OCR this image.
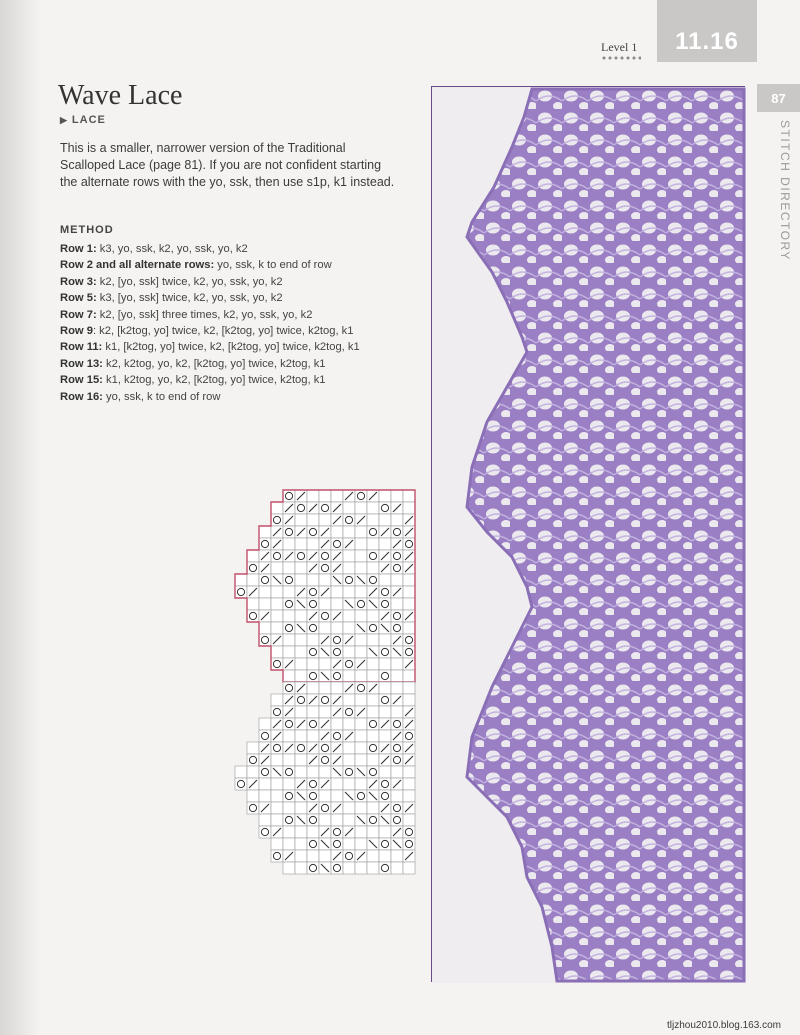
Level 1	11.16
87
STITCH DIRECTORY
Wave Lace
▶ LACE

This is a smaller, narrower version of the Traditional Scalloped Lace (page 81). If you are not confident starting the alternate rows with the yo, ssk, then use s1p, k1 instead.

METHOD
Row 1: k3, yo, ssk, k2, yo, ssk, yo, k2
Row 2 and all alternate rows: yo, ssk, k to end of row
Row 3: k2, [yo, ssk] twice, k2, yo, ssk, yo, k2
Row 5: k3, [yo, ssk] twice, k2, yo, ssk, yo, k2
Row 7: k2, [yo, ssk] three times, k2, yo, ssk, yo, k2
Row 9: k2, [k2tog, yo] twice, k2, [k2tog, yo] twice, k2tog, k1
Row 11: k1, [k2tog, yo] twice, k2, [k2tog, yo] twice, k2tog, k1
Row 13: k2, k2tog, yo, k2, [k2tog, yo] twice, k2tog, k1
Row 15: k1, k2tog, yo, k2, [k2tog, yo] twice, k2tog, k1
Row 16: yo, ssk, k to end of row
tljzhou2010.blog.163.com
